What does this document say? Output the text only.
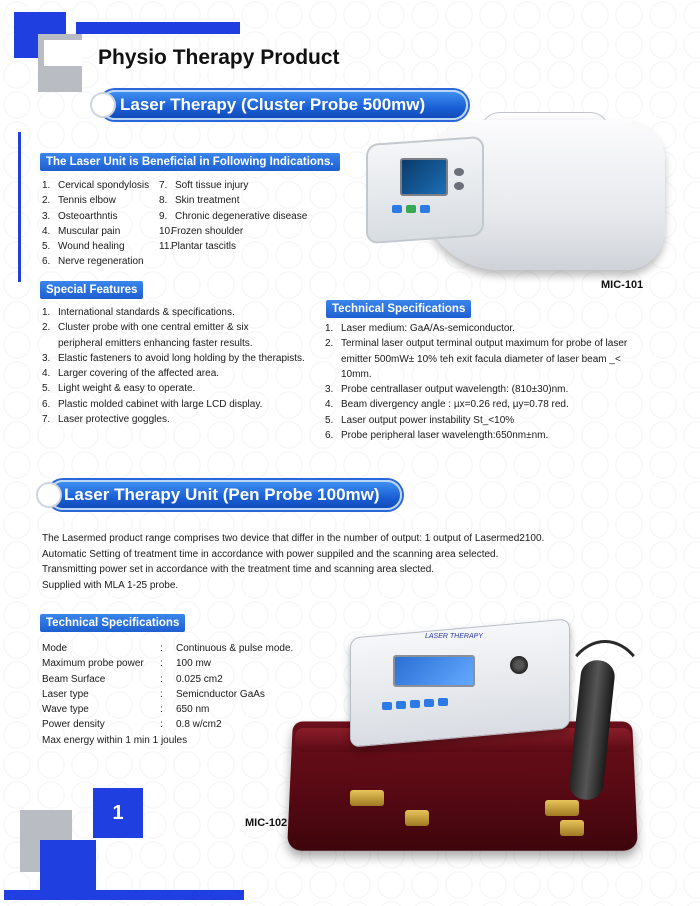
Physio Therapy Product
Laser Therapy (Cluster Probe 500mw)
The Laser Unit is Beneficial in Following Indications.
1. Cervical spondylosis
2. Tennis elbow
3. Osteoarthntis
4. Muscular pain
5. Wound healing
6. Nerve regeneration
7. Soft tissue injury
8. Skin treatment
9. Chronic degenerative disease
10.
Frozen shoulder
11.
Plantar tascitls
MIC-101
Special Features
1. International standards & specifications.
2. Cluster probe with one central emitter & six
peripheral emitters enhancing faster results.
3. Elastic fasteners to avoid long holding by the therapists.
4. Larger covering of the affected area.
5. Light weight & easy to operate.
6. Plastic molded cabinet with large LCD display.
7. Laser protective goggles.
Technical Specifications
1. Laser medium: GaA/As-semiconductor.
2. Terminal laser output terminal output maximum for probe of laser
emitter 500mW± 10% teh exit facula diameter of laser beam _<
10mm.
3. Probe centrallaser output wavelength: (810±30)nm.
4. Beam divergency angle : µx=0.26 red, µy=0.78 red.
5. Laser output power instability St_<10%
6. Probe peripheral laser wavelength:650nm±nm.
Laser Therapy Unit (Pen Probe 100mw)
The Lasermed product range comprises two device that differ in the number of output: 1 output of Lasermed2100.
Automatic Setting of treatment time in accordance with power suppiled and the scanning area selected.
Transmitting power set in accordance with the treatment time and scanning area slected.
Supplied with MLA 1-25 probe.
Technical Specifications
Mode	:	Continuous & pulse mode.
Maximum probe power	:	100 mw
Beam Surface	:	0.025 cm2
Laser type	:	Semicnductor GaAs
Wave type	:	650 nm
Power density	:	0.8 w/cm2
Max energy within 1 min 1 joules
LASER THERAPY
MIC-102
1
